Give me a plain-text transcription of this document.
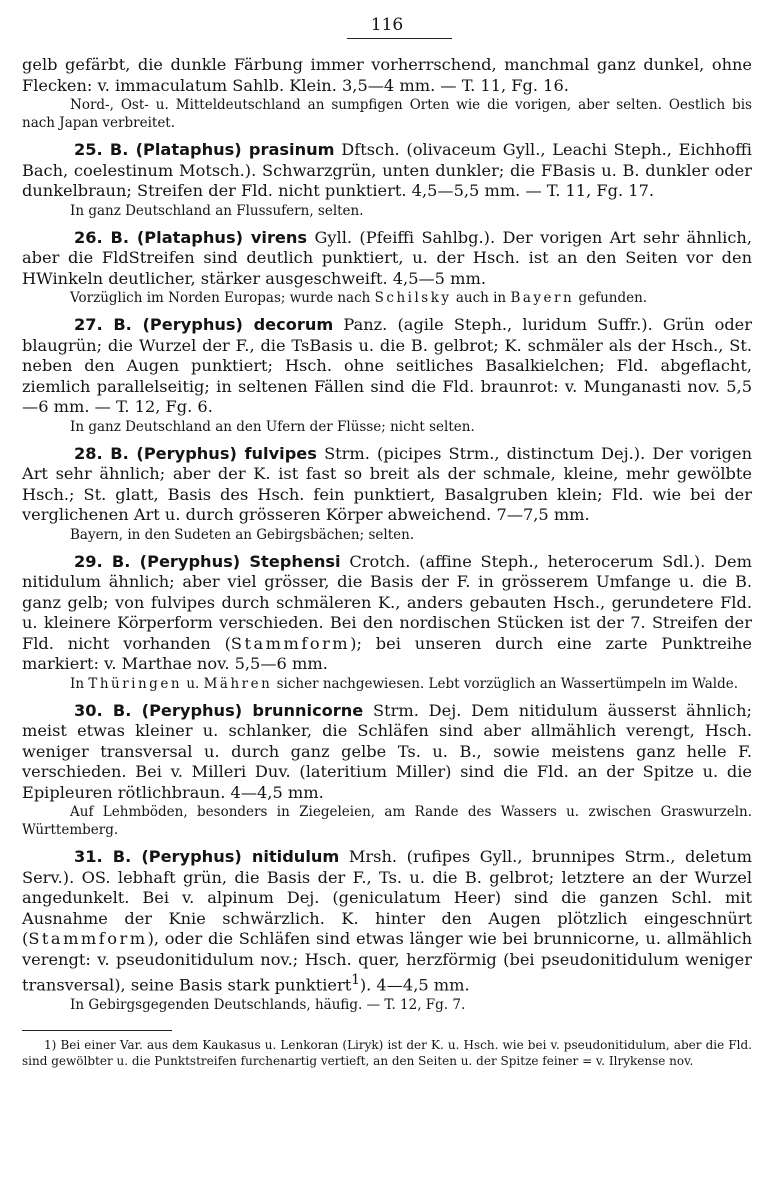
116

gelb gefärbt, die dunkle Färbung immer vorherrschend, manchmal ganz dunkel, ohne Flecken: v. immaculatum Sahlb. Klein. 3,5—4 mm. — T. 11, Fg. 16.

Nord-, Ost- u. Mitteldeutschland an sumpfigen Orten wie die vorigen, aber selten. Oestlich bis nach Japan verbreitet.

25. B. (Plataphus) prasinum Dftsch. (olivaceum Gyll., Leachi Steph., Eichhoffi Bach, coelestinum Motsch.). Schwarzgrün, unten dunkler; die FBasis u. B. dunkler oder dunkelbraun; Streifen der Fld. nicht punktiert. 4,5—5,5 mm. — T. 11, Fg. 17.

In ganz Deutschland an Flussufern, selten.

26. B. (Plataphus) virens Gyll. (Pfeiffi Sahlbg.). Der vorigen Art sehr ähnlich, aber die FldStreifen sind deutlich punktiert, u. der Hsch. ist an den Seiten vor den HWinkeln deutlicher, stärker ausgeschweift. 4,5—5 mm.

Vorzüglich im Norden Europas; wurde nach Schilsky auch in Bayern gefunden.

27. B. (Peryphus) decorum Panz. (agile Steph., luridum Suffr.). Grün oder blaugrün; die Wurzel der F., die TsBasis u. die B. gelbrot; K. schmäler als der Hsch., St. neben den Augen punktiert; Hsch. ohne seitliches Basalkielchen; Fld. abgeflacht, ziemlich parallelseitig; in seltenen Fällen sind die Fld. braunrot: v. Munganasti nov. 5,5—6 mm. — T. 12, Fg. 6.

In ganz Deutschland an den Ufern der Flüsse; nicht selten.

28. B. (Peryphus) fulvipes Strm. (picipes Strm., distinctum Dej.). Der vorigen Art sehr ähnlich; aber der K. ist fast so breit als der schmale, kleine, mehr gewölbte Hsch.; St. glatt, Basis des Hsch. fein punktiert, Basalgruben klein; Fld. wie bei der verglichenen Art u. durch grösseren Körper abweichend. 7—7,5 mm.

Bayern, in den Sudeten an Gebirgsbächen; selten.

29. B. (Peryphus) Stephensi Crotch. (affine Steph., heterocerum Sdl.). Dem nitidulum ähnlich; aber viel grösser, die Basis der F. in grösserem Umfange u. die B. ganz gelb; von fulvipes durch schmäleren K., anders gebauten Hsch., gerundetere Fld. u. kleinere Körperform verschieden. Bei den nordischen Stücken ist der 7. Streifen der Fld. nicht vorhanden (Stammform); bei unseren durch eine zarte Punktreihe markiert: v. Marthae nov. 5,5—6 mm.

In Thüringen u. Mähren sicher nachgewiesen. Lebt vorzüglich an Wassertümpeln im Walde.

30. B. (Peryphus) brunnicorne Strm. Dej. Dem nitidulum äusserst ähnlich; meist etwas kleiner u. schlanker, die Schläfen sind aber allmählich verengt, Hsch. weniger transversal u. durch ganz gelbe Ts. u. B., sowie meistens ganz helle F. verschieden. Bei v. Milleri Duv. (lateritium Miller) sind die Fld. an der Spitze u. die Epipleuren rötlichbraun. 4—4,5 mm.

Auf Lehmböden, besonders in Ziegeleien, am Rande des Wassers u. zwischen Graswurzeln. Württemberg.

31. B. (Peryphus) nitidulum Mrsh. (rufipes Gyll., brunnipes Strm., deletum Serv.). OS. lebhaft grün, die Basis der F., Ts. u. die B. gelbrot; letztere an der Wurzel angedunkelt. Bei v. alpinum Dej. (geniculatum Heer) sind die ganzen Schl. mit Ausnahme der Knie schwärzlich. K. hinter den Augen plötzlich eingeschnürt (Stammform), oder die Schläfen sind etwas länger wie bei brunnicorne, u. allmählich verengt: v. pseudonitidulum nov.; Hsch. quer, herzförmig (bei pseudonitidulum weniger transversal), seine Basis stark punktiert$^1$). 4—4,5 mm.

In Gebirgsgegenden Deutschlands, häufig. — T. 12, Fg. 7.

1) Bei einer Var. aus dem Kaukasus u. Lenkoran (Liryk) ist der K. u. Hsch. wie bei v. pseudonitidulum, aber die Fld. sind gewölbter u. die Punktstreifen furchenartig vertieft, an den Seiten u. der Spitze feiner = v. Ilrykense nov.
